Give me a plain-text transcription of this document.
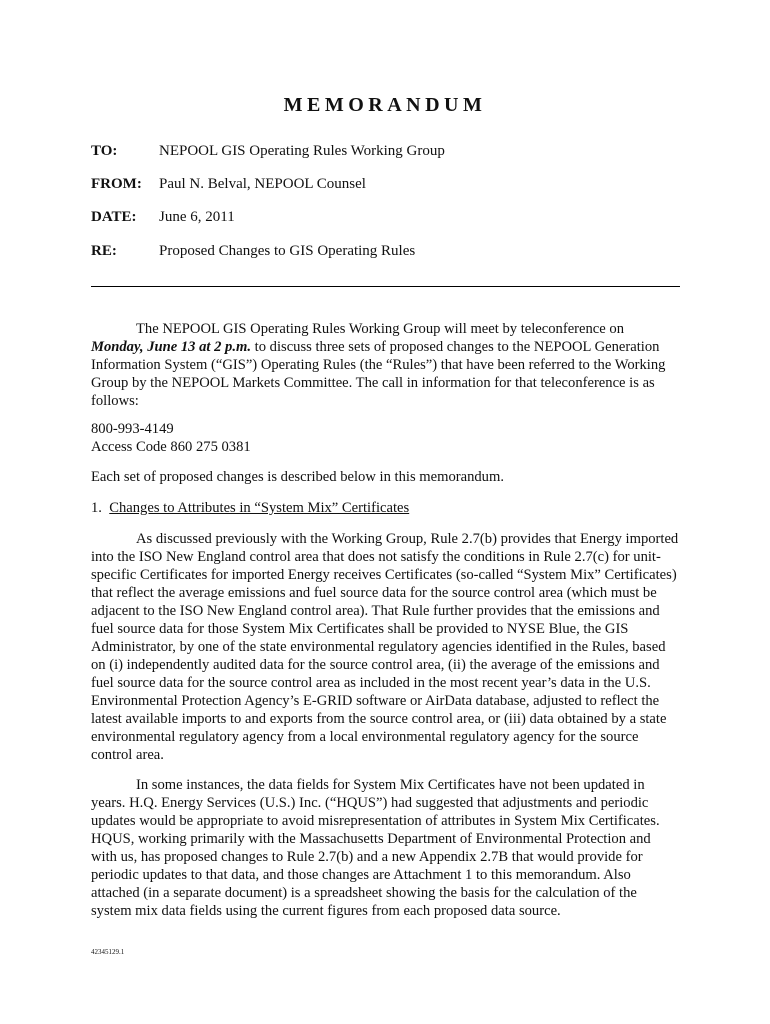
MEMORANDUM
TO:	NEPOOL GIS Operating Rules Working Group
FROM: Paul N. Belval, NEPOOL Counsel
DATE: June 6, 2011
RE:	Proposed Changes to GIS Operating Rules

The NEPOOL GIS Operating Rules Working Group will meet by teleconference on Monday, June 13 at 2 p.m. to discuss three sets of proposed changes to the NEPOOL Generation Information System (“GIS”) Operating Rules (the “Rules”) that have been referred to the Working Group by the NEPOOL Markets Committee. The call in information for that teleconference is as follows:

800-993-4149
Access Code 860 275 0381

Each set of proposed changes is described below in this memorandum.

1. Changes to Attributes in “System Mix” Certificates

As discussed previously with the Working Group, Rule 2.7(b) provides that Energy imported into the ISO New England control area that does not satisfy the conditions in Rule 2.7(c) for unit-specific Certificates for imported Energy receives Certificates (so-called “System Mix” Certificates) that reflect the average emissions and fuel source data for the source control area (which must be adjacent to the ISO New England control area). That Rule further provides that the emissions and fuel source data for those System Mix Certificates shall be provided to NYSE Blue, the GIS Administrator, by one of the state environmental regulatory agencies identified in the Rules, based on (i) independently audited data for the source control area, (ii) the average of the emissions and fuel source data for the source control area as included in the most recent year’s data in the U.S. Environmental Protection Agency’s E-GRID software or AirData database, adjusted to reflect the latest available imports to and exports from the source control area, or (iii) data obtained by a state environmental regulatory agency from a local environmental regulatory agency for the source control area.

In some instances, the data fields for System Mix Certificates have not been updated in years. H.Q. Energy Services (U.S.) Inc. (“HQUS”) had suggested that adjustments and periodic updates would be appropriate to avoid misrepresentation of attributes in System Mix Certificates. HQUS, working primarily with the Massachusetts Department of Environmental Protection and with us, has proposed changes to Rule 2.7(b) and a new Appendix 2.7B that would provide for periodic updates to that data, and those changes are Attachment 1 to this memorandum. Also attached (in a separate document) is a spreadsheet showing the basis for the calculation of the system mix data fields using the current figures from each proposed data source.

42345129.1
